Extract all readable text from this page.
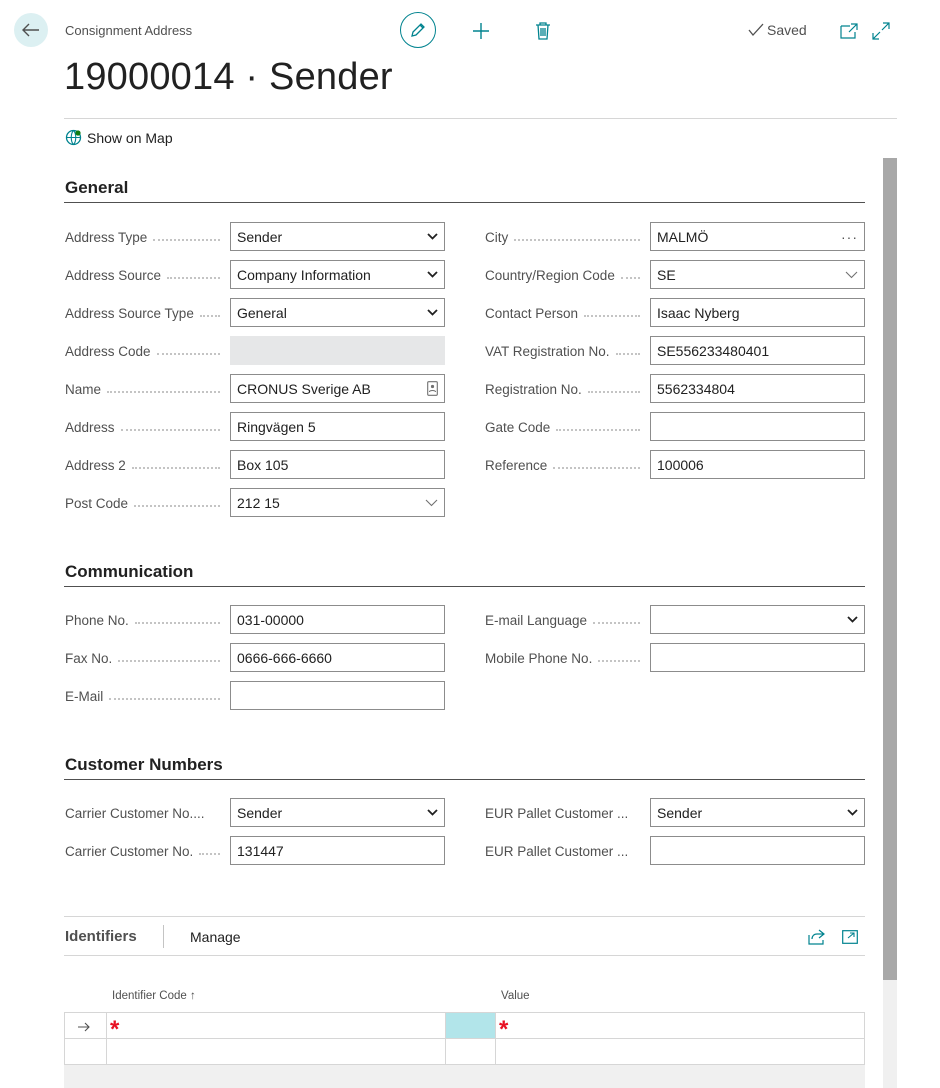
Consignment Address
19000014 · Sender
Saved
Show on Map
General
Address Type	Sender
Address Source	Company Information
Address Source Type	General
Address Code
Name	CRONUS Sverige AB
Address	Ringvägen 5
Address 2	Box 105
Post Code	212 15
City	MALMÖ	···
Country/Region Code	SE
Contact Person	Isaac Nyberg
VAT Registration No.	SE556233480401
Registration No.	5562334804
Gate Code
Reference	100006
Communication
Phone No.	031-00000
Fax No.	0666-666-6660
E-Mail
E-mail Language
Mobile Phone No.
Customer Numbers
Carrier Customer No.... Sender
Carrier Customer No.	131447
EUR Pallet Customer ... Sender
EUR Pallet Customer ...
Identifiers	Manage
Identifier Code ↑	Value
*	*
